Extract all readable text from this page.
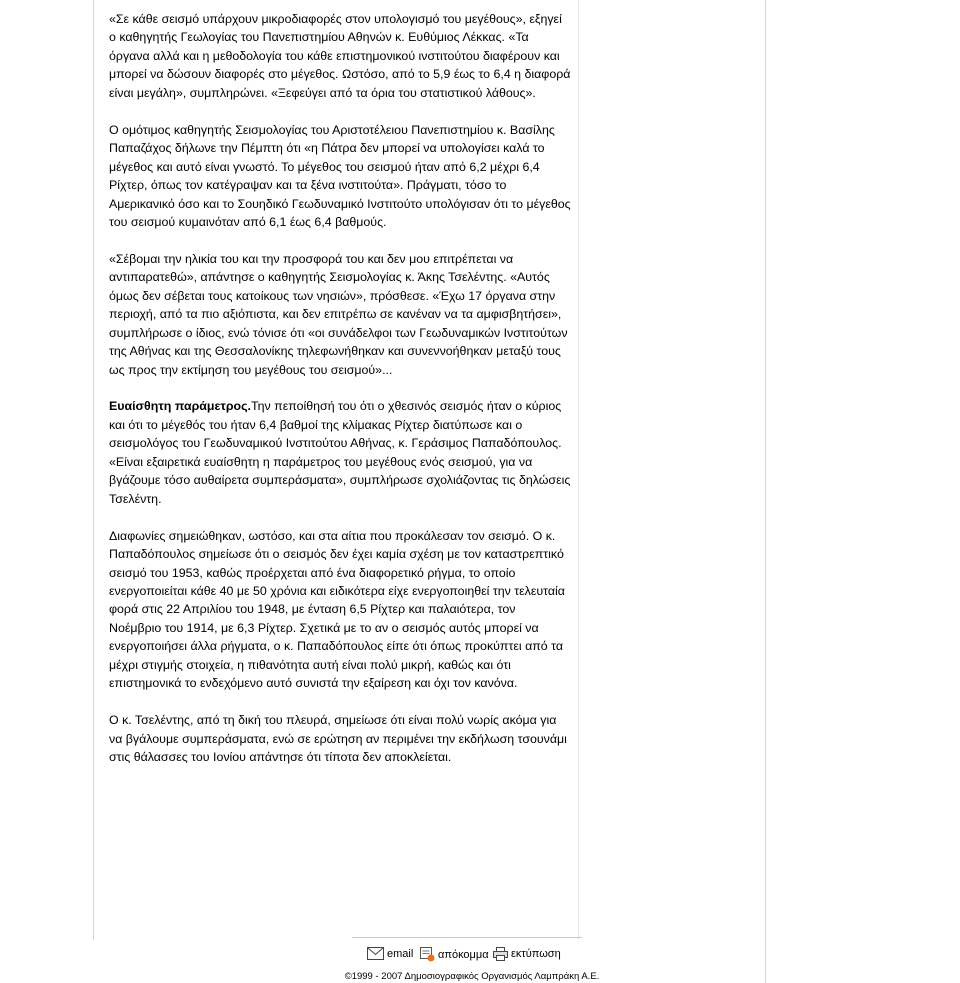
«Σε κάθε σεισμό υπάρχουν μικροδιαφορές στον υπολογισμό του μεγέθους», εξηγεί ο καθηγητής Γεωλογίας του Πανεπιστημίου Αθηνών κ. Ευθύμιος Λέκκας. «Τα όργανα αλλά και η μεθοδολογία του κάθε επιστημονικού ινστιτούτου διαφέρουν και μπορεί να δώσουν διαφορές στο μέγεθος. Ωστόσο, από το 5,9 έως το 6,4 η διαφορά είναι μεγάλη», συμπληρώνει. «Ξεφεύγει από τα όρια του στατιστικού λάθους».

Ο ομότιμος καθηγητής Σεισμολογίας του Αριστοτέλειου Πανεπιστημίου κ. Βασίλης Παπαζάχος δήλωνε την Πέμπτη ότι «η Πάτρα δεν μπορεί να υπολογίσει καλά το μέγεθος και αυτό είναι γνωστό. Το μέγεθος του σεισμού ήταν από 6,2 μέχρι 6,4 Ρίχτερ, όπως τον κατέγραψαν και τα ξένα ινστιτούτα». Πράγματι, τόσο το Αμερικανικό όσο και το Σουηδικό Γεωδυναμικό Ινστιτούτο υπολόγισαν ότι το μέγεθος του σεισμού κυμαινόταν από 6,1 έως 6,4 βαθμούς.

«Σέβομαι την ηλικία του και την προσφορά του και δεν μου επιτρέπεται να αντιπαρατεθώ», απάντησε ο καθηγητής Σεισμολογίας κ. Άκης Τσελέντης. «Αυτός όμως δεν σέβεται τους κατοίκους των νησιών», πρόσθεσε. «Έχω 17 όργανα στην περιοχή, από τα πιο αξιόπιστα, και δεν επιτρέπω σε κανέναν να τα αμφισβητήσει», συμπλήρωσε ο ίδιος, ενώ τόνισε ότι «οι συνάδελφοι των Γεωδυναμικών Ινστιτούτων της Αθήνας και της Θεσσαλονίκης τηλεφωνήθηκαν και συνεννοήθηκαν μεταξύ τους ως προς την εκτίμηση του μεγέθους του σεισμού»...

Ευαίσθητη παράμετρος.Την πεποίθησή του ότι ο χθεσινός σεισμός ήταν ο κύριος και ότι το μέγεθός του ήταν 6,4 βαθμοί της κλίμακας Ρίχτερ διατύπωσε και ο σεισμολόγος του Γεωδυναμικού Ινστιτούτου Αθήνας, κ. Γεράσιμος Παπαδόπουλος. «Είναι εξαιρετικά ευαίσθητη η παράμετρος του μεγέθους ενός σεισμού, για να βγάζουμε τόσο αυθαίρετα συμπεράσματα», συμπλήρωσε σχολιάζοντας τις δηλώσεις Τσελέντη.

Διαφωνίες σημειώθηκαν, ωστόσο, και στα αίτια που προκάλεσαν τον σεισμό. Ο κ. Παπαδόπουλος σημείωσε ότι ο σεισμός δεν έχει καμία σχέση με τον καταστρεπτικό σεισμό του 1953, καθώς προέρχεται από ένα διαφορετικό ρήγμα, το οποίο ενεργοποιείται κάθε 40 με 50 χρόνια και ειδικότερα είχε ενεργοποιηθεί την τελευταία φορά στις 22 Απριλίου του 1948, με ένταση 6,5 Ρίχτερ και παλαιότερα, τον Νοέμβριο του 1914, με 6,3 Ρίχτερ. Σχετικά με το αν ο σεισμός αυτός μπορεί να ενεργοποιήσει άλλα ρήγματα, ο κ. Παπαδόπουλος είπε ότι όπως προκύπτει από τα μέχρι στιγμής στοιχεία, η πιθανότητα αυτή είναι πολύ μικρή, καθώς και ότι επιστημονικά το ενδεχόμενο αυτό συνιστά την εξαίρεση και όχι τον κανόνα.

Ο κ. Τσελέντης, από τη δική του πλευρά, σημείωσε ότι είναι πολύ νωρίς ακόμα για να βγάλουμε συμπεράσματα, ενώ σε ερώτηση αν περιμένει την εκδήλωση τσουνάμι στις θάλασσες του Ιονίου απάντησε ότι τίποτα δεν αποκλείεται.

email απόκομμα εκτύπωση
©1999 - 2007 Δημοσιογραφικός Οργανισμός Λαμπράκη Α.Ε.
